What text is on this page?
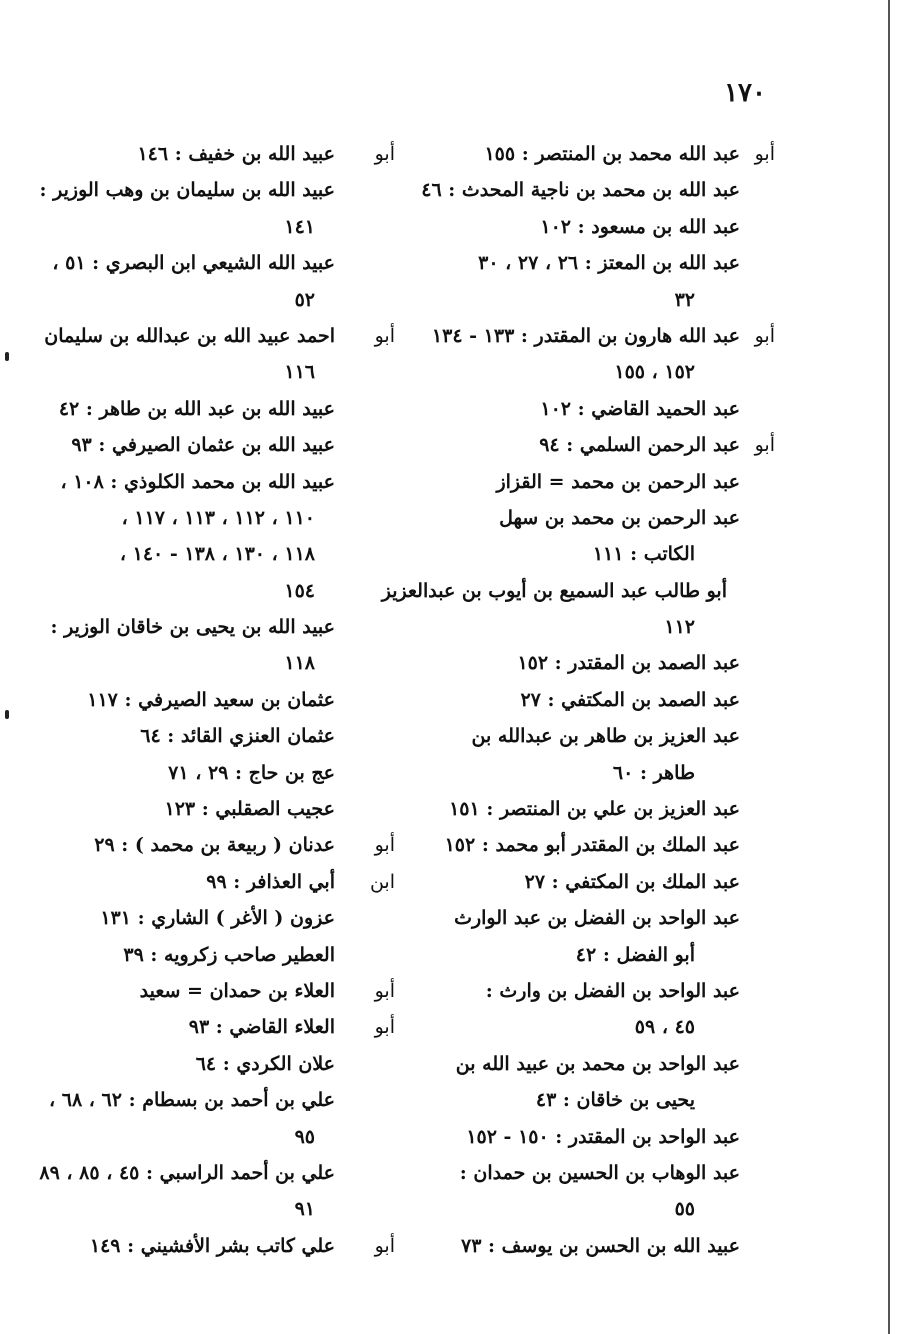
١٧٠
أبو
عبد الله محمد بن المنتصر : ١٥٥
عبد الله بن محمد بن ناجية المحدث : ٤٦
عبد الله بن مسعود : ١٠٢
عبد الله بن المعتز : ٢٦ ، ٢٧ ، ٣٠
٣٢
أبو
عبد الله هارون بن المقتدر : ١٣٣ - ١٣٤
١٥٢ ، ١٥٥
عبد الحميد القاضي : ١٠٢
أبو
عبد الرحمن السلمي : ٩٤
عبد الرحمن بن محمد = القزاز
عبد الرحمن بن محمد بن سهل
الكاتب : ١١١
أبو طالب عبد السميع بن أيوب بن عبدالعزيز
١١٢
عبد الصمد بن المقتدر : ١٥٢
عبد الصمد بن المكتفي : ٢٧
عبد العزيز بن طاهر بن عبدالله بن
طاهر : ٦٠
عبد العزيز بن علي بن المنتصر : ١٥١
عبد الملك بن المقتدر أبو محمد : ١٥٢
عبد الملك بن المكتفي : ٢٧
عبد الواحد بن الفضل بن عبد الوارث
أبو الفضل : ٤٢
عبد الواحد بن الفضل بن وارث :
٤٥ ، ٥٩
عبد الواحد بن محمد بن عبيد الله بن
يحيى بن خاقان : ٤٣
عبد الواحد بن المقتدر : ١٥٠ - ١٥٢
عبد الوهاب بن الحسين بن حمدان :
٥٥
عبيد الله بن الحسن بن يوسف : ٧٣
أبو
عبيد الله بن خفيف : ١٤٦
عبيد الله بن سليمان بن وهب الوزير :
١٤١
عبيد الله الشيعي ابن البصري : ٥١ ،
٥٢
أبو
احمد عبيد الله بن عبدالله بن سليمان
١١٦
عبيد الله بن عبد الله بن طاهر : ٤٢
عبيد الله بن عثمان الصيرفي : ٩٣
عبيد الله بن محمد الكلوذي : ١٠٨ ،
١١٠ ، ١١٢ ، ١١٣ ، ١١٧ ،
١١٨ ، ١٣٠ ، ١٣٨ - ١٤٠ ،
١٥٤
عبيد الله بن يحيى بن خاقان الوزير :
١١٨
عثمان بن سعيد الصيرفي : ١١٧
عثمان العنزي القائد : ٦٤
عج بن حاج : ٢٩ ، ٧١
عجيب الصقلبي : ١٢٣
أبو
عدنان ( ربيعة بن محمد ) : ٢٩
ابن
أبي العذافر : ٩٩
عزون ( الأغر ) الشاري : ١٣١
العطير صاحب زكرويه : ٣٩
أبو
العلاء بن حمدان = سعيد
أبو
العلاء القاضي : ٩٣
علان الكردي : ٦٤
علي بن أحمد بن بسطام : ٦٢ ، ٦٨ ،
٩٥
علي بن أحمد الراسبي : ٤٥ ، ٨٥ ، ٨٩
٩١
أبو
علي كاتب بشر الأفشيني : ١٤٩
